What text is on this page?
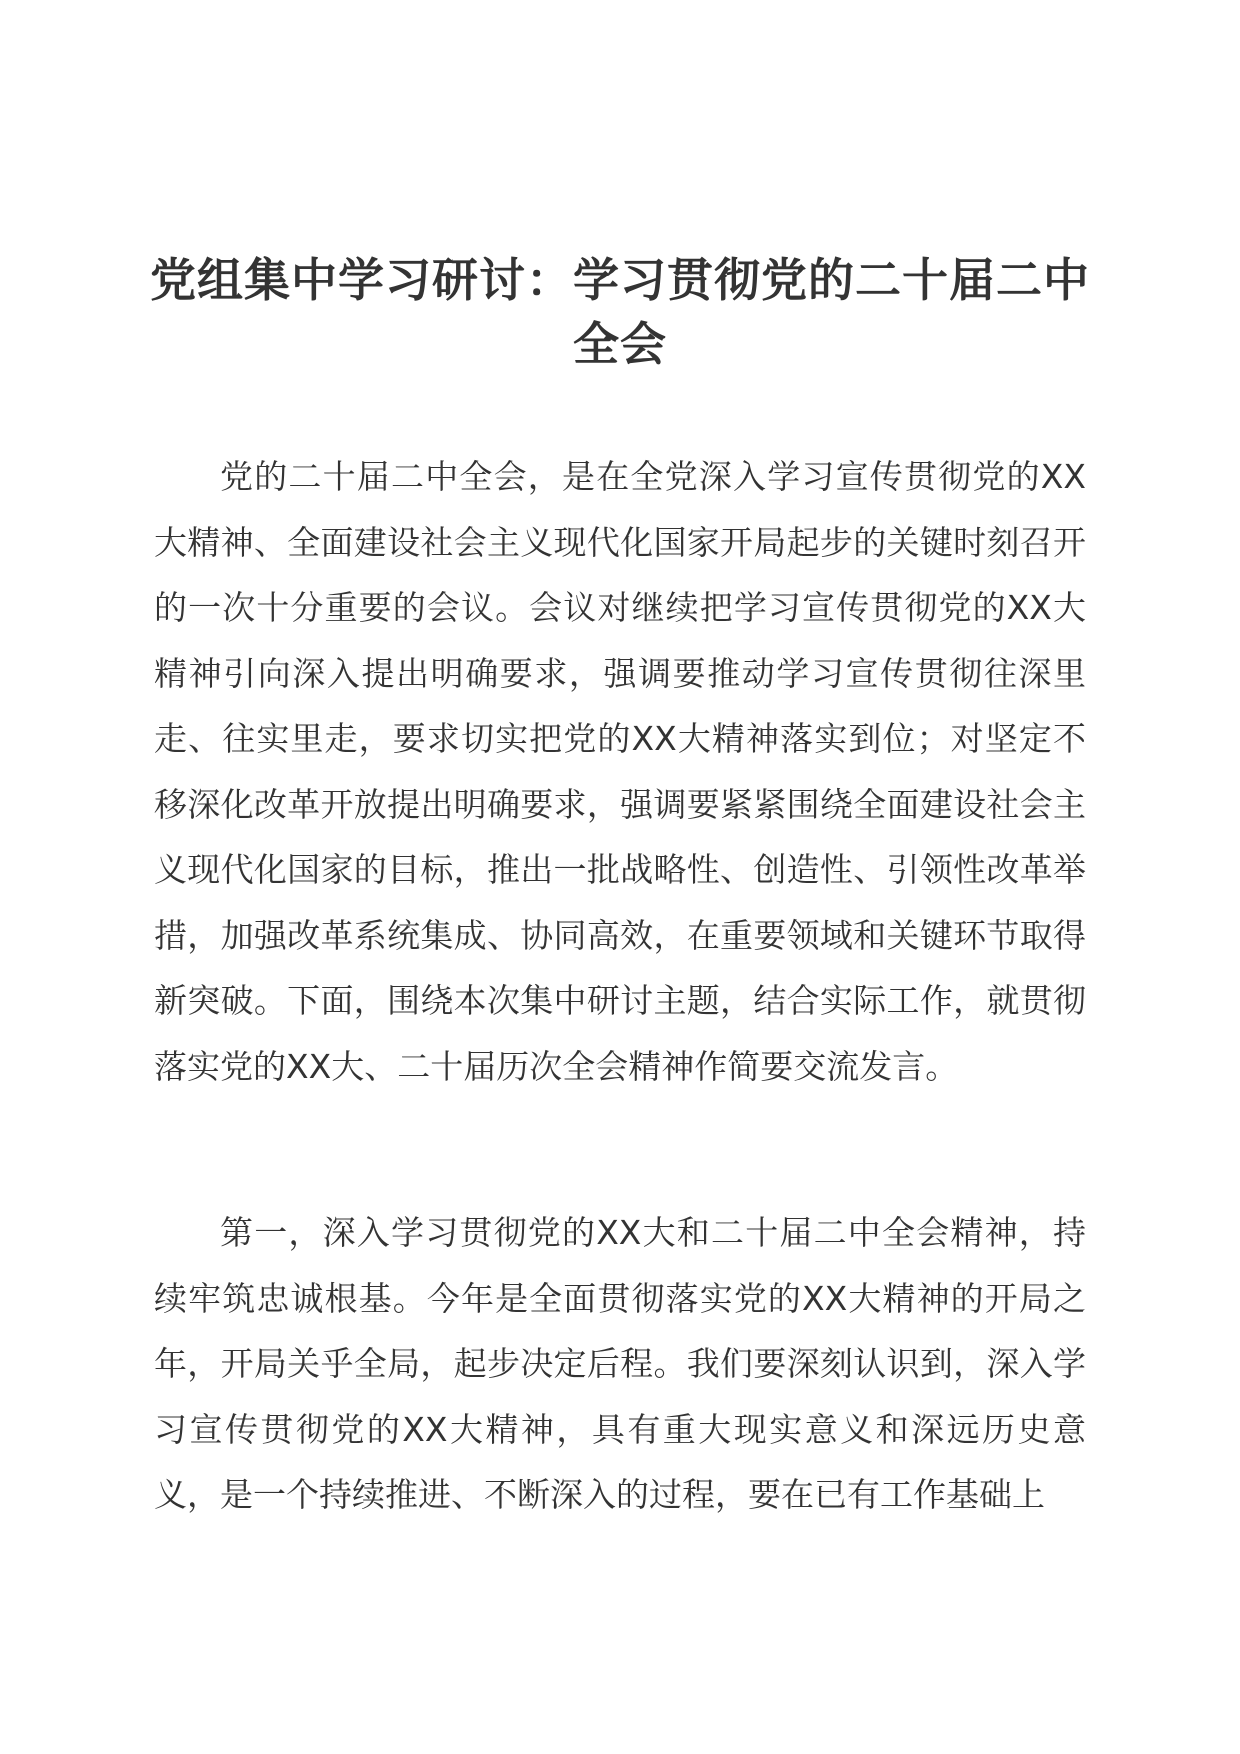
党组集中学习研讨：学习贯彻党的二十届二中全会

党的二十届二中全会，是在全党深入学习宣传贯彻党的XX大精神、全面建设社会主义现代化国家开局起步的关键时刻召开的一次十分重要的会议。会议对继续把学习宣传贯彻党的XX大精神引向深入提出明确要求，强调要推动学习宣传贯彻往深里走、往实里走，要求切实把党的XX大精神落实到位；对坚定不移深化改革开放提出明确要求，强调要紧紧围绕全面建设社会主义现代化国家的目标，推出一批战略性、创造性、引领性改革举措，加强改革系统集成、协同高效，在重要领域和关键环节取得新突破。下面，围绕本次集中研讨主题，结合实际工作，就贯彻落实党的XX大、二十届历次全会精神作简要交流发言。

第一，深入学习贯彻党的XX大和二十届二中全会精神，持续牢筑忠诚根基。今年是全面贯彻落实党的XX大精神的开局之年，开局关乎全局，起步决定后程。我们要深刻认识到，深入学习宣传贯彻党的XX大精神，具有重大现实意义和深远历史意义，是一个持续推进、不断深入的过程，要在已有工作基础上
